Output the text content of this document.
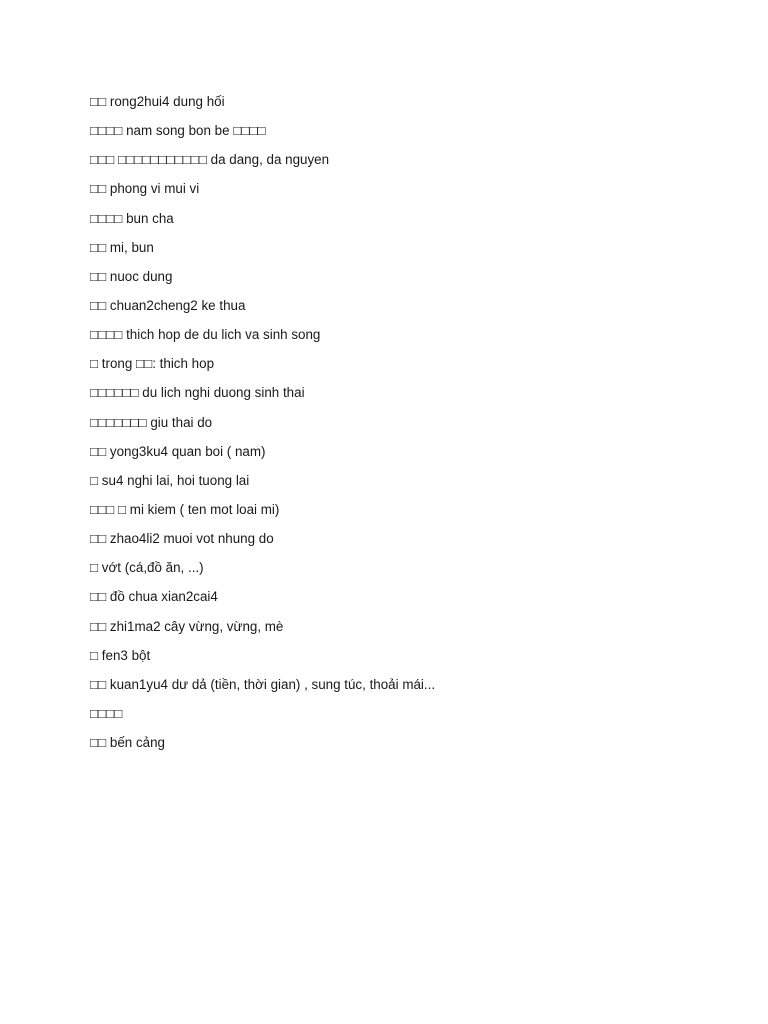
□□ rong2hui4 dung hối
□□□□ nam song bon be □□□□
□□□ □□□□□□□□□□□ da dang, da nguyen
□□ phong vi mui vi
□□□□ bun cha
□□ mi, bun
□□ nuoc dung
□□ chuan2cheng2 ke thua
□□□□ thich hop de du lich va sinh song
□ trong □□: thich hop
□□□□□□ du lich nghi duong sinh thai
□□□□□□□ giu thai do
□□ yong3ku4 quan boi ( nam)
□ su4 nghi lai, hoi tuong lai
□□□ □ mi kiem ( ten mot loai mi)
□□ zhao4li2 muoi vot nhung do
□ vớt (cá,đồ ăn, ...)
□□ đồ chua xian2cai4
□□ zhi1ma2 cây vừng, vừng, mè
□ fen3 bột
□□ kuan1yu4 dư dả (tiền, thời gian) , sung túc, thoải mái...
□□□□
□□ bến cảng
